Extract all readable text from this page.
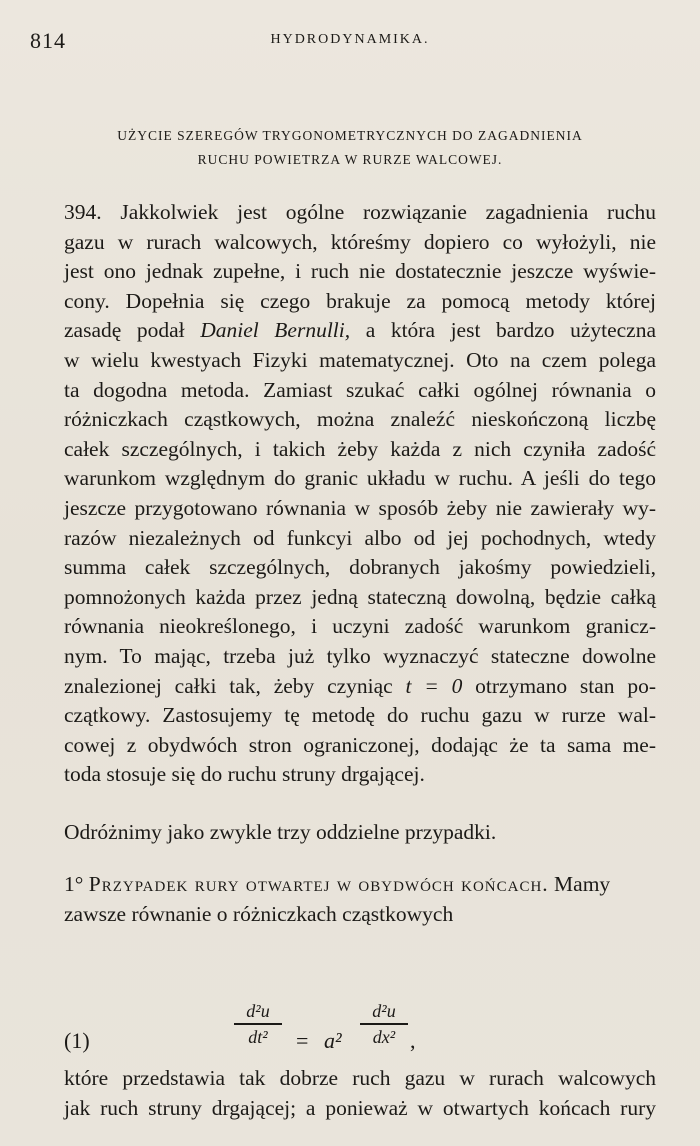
814	HYDRODYNAMIKA.
UŻYCIE SZEREGÓW TRYGONOMETRYCZNYCH DO ZAGADNIENIA
RUCHU POWIETRZA W RURZE WALCOWEJ.
394. Jakkolwiek jest ogólne rozwiązanie zagadnienia ruchu
gazu w rurach walcowych, któreśmy dopiero co wyłożyli, nie
jest ono jednak zupełne, i ruch nie dostatecznie jeszcze wyświe-
cony. Dopełnia się czego brakuje za pomocą metody której
zasadę podał Daniel Bernulli, a która jest bardzo użyteczna
w wielu kwestyach Fizyki matematycznej. Oto na czem polega
ta dogodna metoda. Zamiast szukać całki ogólnej równania o
różniczkach cząstkowych, można znaleźć nieskończoną liczbę
całek szczególnych, i takich żeby każda z nich czyniła zadość
warunkom względnym do granic układu w ruchu. A jeśli do tego
jeszcze przygotowano równania w sposób żeby nie zawierały wy-
razów niezależnych od funkcyi albo od jej pochodnych, wtedy
summa całek szczególnych, dobranych jakośmy powiedzieli,
pomnożonych każda przez jedną stateczną dowolną, będzie całką
równania nieokreślonego, i uczyni zadość warunkom granicz-
nym. To mając, trzeba już tylko wyznaczyć stateczne dowolne
znalezionej całki tak, żeby czyniąc t = 0 otrzymano stan po-
czątkowy. Zastosujemy tę metodę do ruchu gazu w rurze wal-
cowej z obydwóch stron ograniczonej, dodając że ta sama me-
toda stosuje się do ruchu struny drgającej.
Odróżnimy jako zwykle trzy oddzielne przypadki.
1° Przypadek rury otwartej w obydwóch końcach. Mamy
zawsze równanie o różniczkach cząstkowych
(1)
d²u
dt²	= a²
d²u
dx² ,
które przedstawia tak dobrze ruch gazu w rurach walcowych
jak ruch struny drgającej; a ponieważ w otwartych końcach rury
